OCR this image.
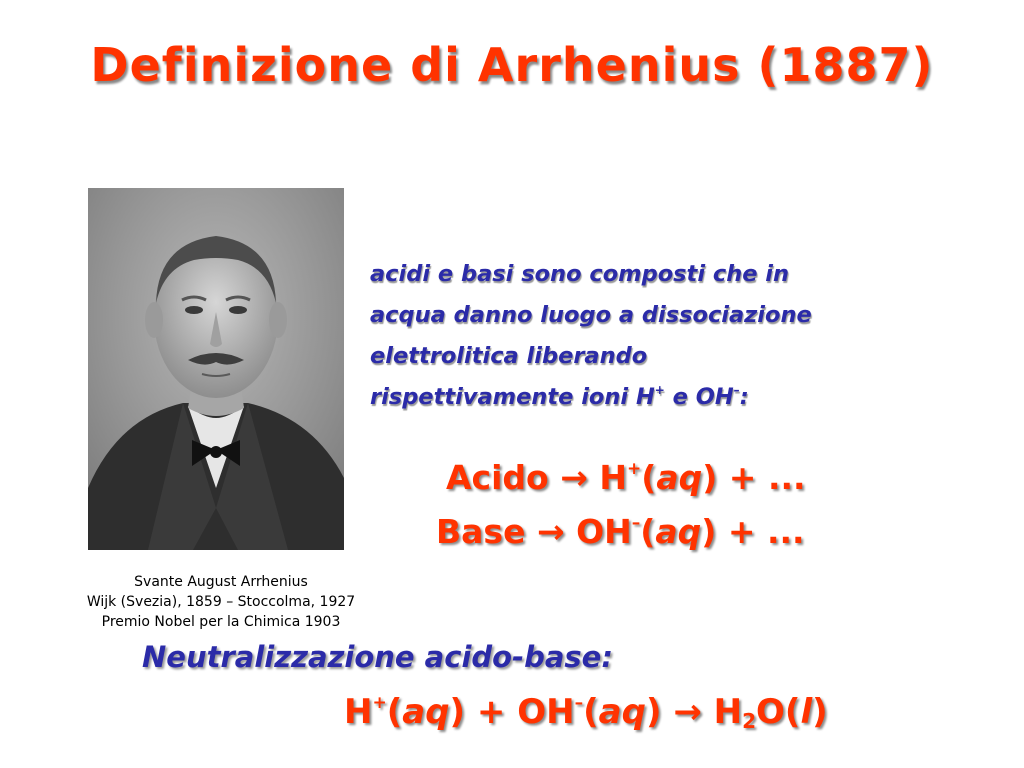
Definizione di Arrhenius (1887)
Svante August Arrhenius
Wijk (Svezia), 1859 – Stoccolma, 1927
Premio Nobel per la Chimica 1903
acidi e basi sono composti che in
acqua danno luogo a dissociazione
elettrolitica liberando
rispettivamente ioni H+ e OH–:
Acido → H+(aq) + ...
Base → OH–(aq) + ...
Neutralizzazione acido-base:
$H^+(aq) + OH^-(aq) \to H_2O(l)$
